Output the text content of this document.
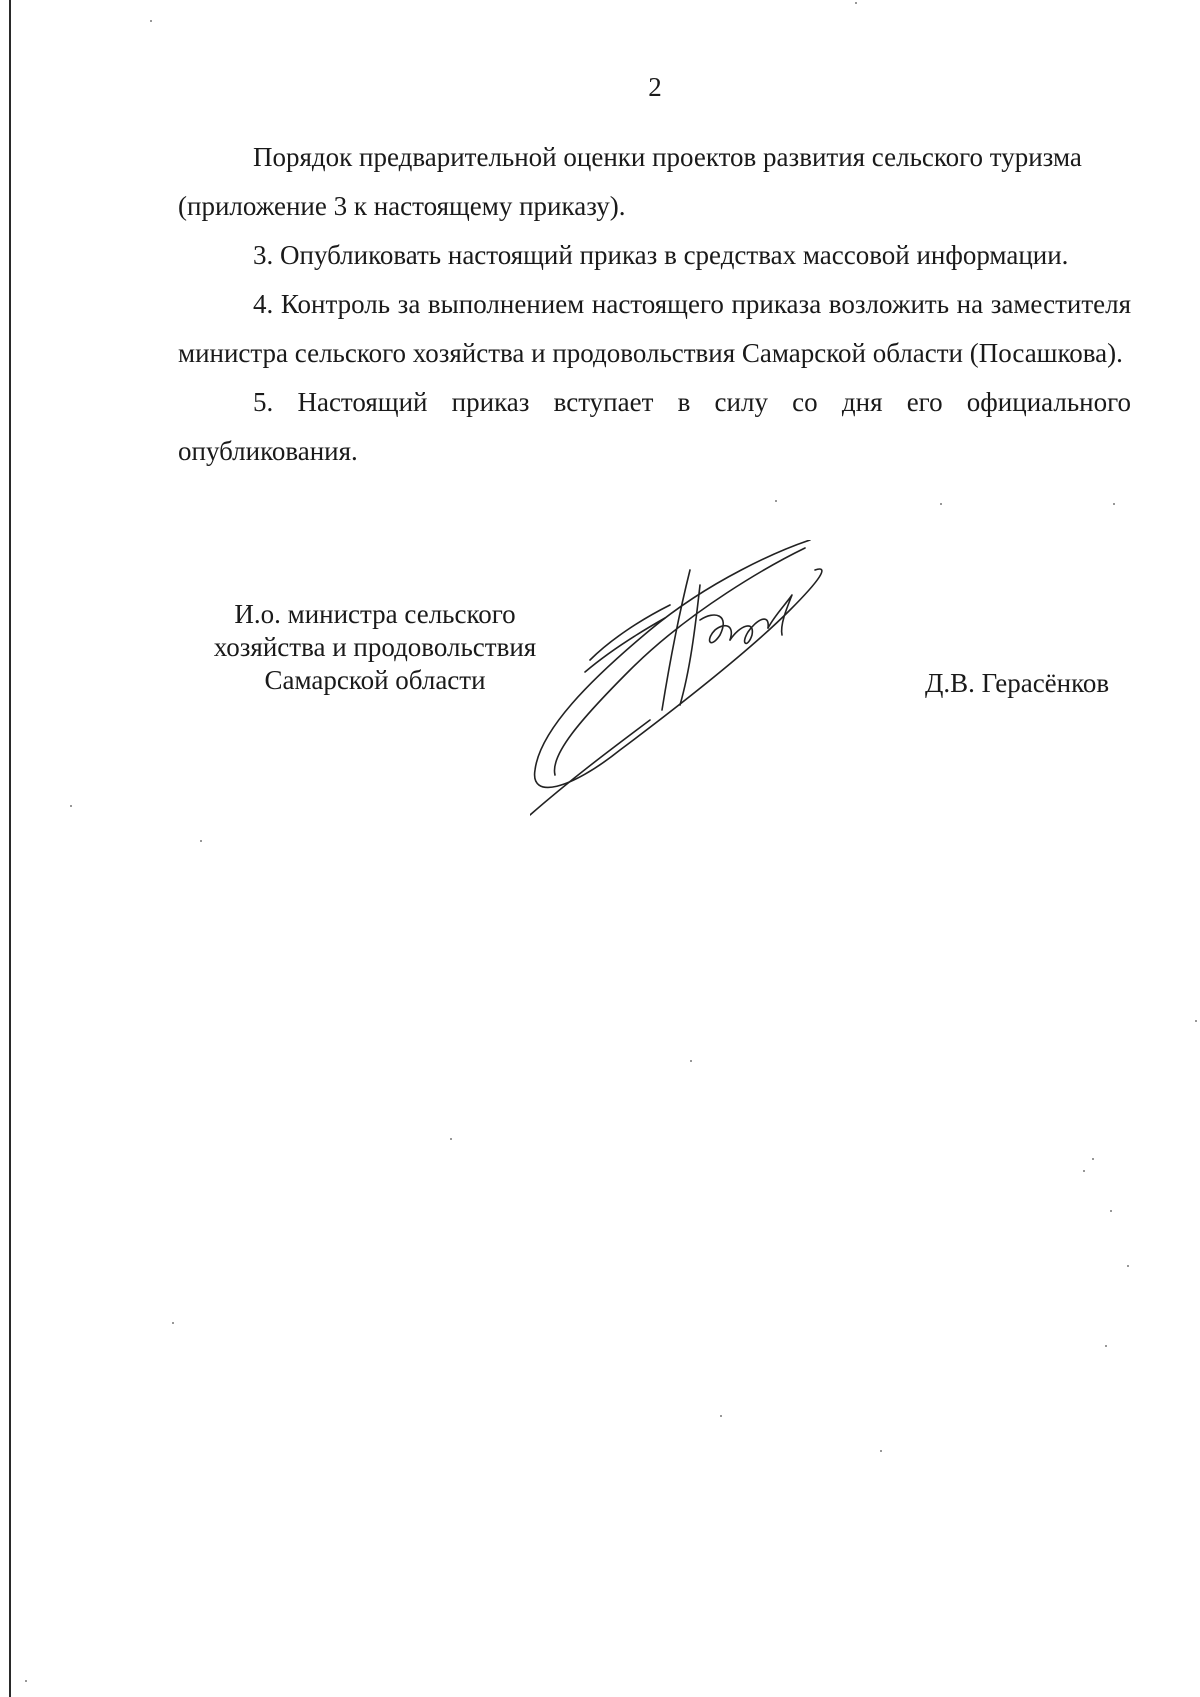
2

Порядок предварительной оценки проектов развития сельского туризма

(приложение 3 к настоящему приказу).

3. Опубликовать настоящий приказ в средствах массовой информации.

4. Контроль за выполнением настоящего приказа возложить на заместителя министра сельского хозяйства и продовольствия Самарской области (Посашкова).

5. Настоящий приказ вступает в силу со дня его официального опубликования.

И.о. министра сельского
хозяйства и продовольствия
Самарской области	Д.В. Герасёнков
